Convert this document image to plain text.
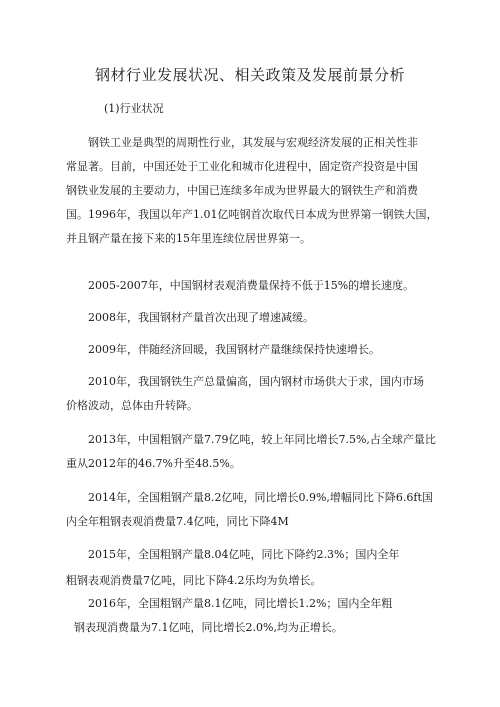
钢材行业发展状况、相关政策及发展前景分析
(1)行业状况

钢铁工业是典型的周期性行业，其发展与宏观经济发展的正相关性非
常显著。目前，中国还处于工业化和城市化进程中，固定资产投资是中国
钢铁业发展的主要动力，中国已连续多年成为世界最大的钢铁生产和消费
国。1996年，我国以年产1.01亿吨钢首次取代日本成为世界第一钢铁大国，
并且钢产量在接下来的15年里连续位居世界第一。

2005-2007年，中国钢材表观消费量保持不低于15%的增长速度。

2008年，我国钢材产量首次出现了增速减缓。

2009年，伴随经济回暖，我国钢材产量继续保持快速增长。

2010年，我国钢铁生产总量偏高，国内钢材市场供大于求，国内市场
价格波动，总体由升转降。

2013年，中国粗钢产量7.79亿吨，较上年同比增长7.5%,占全球产量比
重从2012年的46.7%升至48.5%。

2014年，全国粗钢产量8.2亿吨，同比增长0.9%,增幅同比下降6.6ft国
内全年粗钢表观消费量7.4亿吨，同比下降4M

2015年，全国粗钢产量8.04亿吨，同比下降约2.3%；国内全年
粗钢表观消费量7亿吨，同比下降4.2乐均为负增长。

2016年，全国粗钢产量8.1亿吨，同比增长1.2%；国内全年粗
钢表现消费量为7.1亿吨，同比增长2.0%,均为正增长。
